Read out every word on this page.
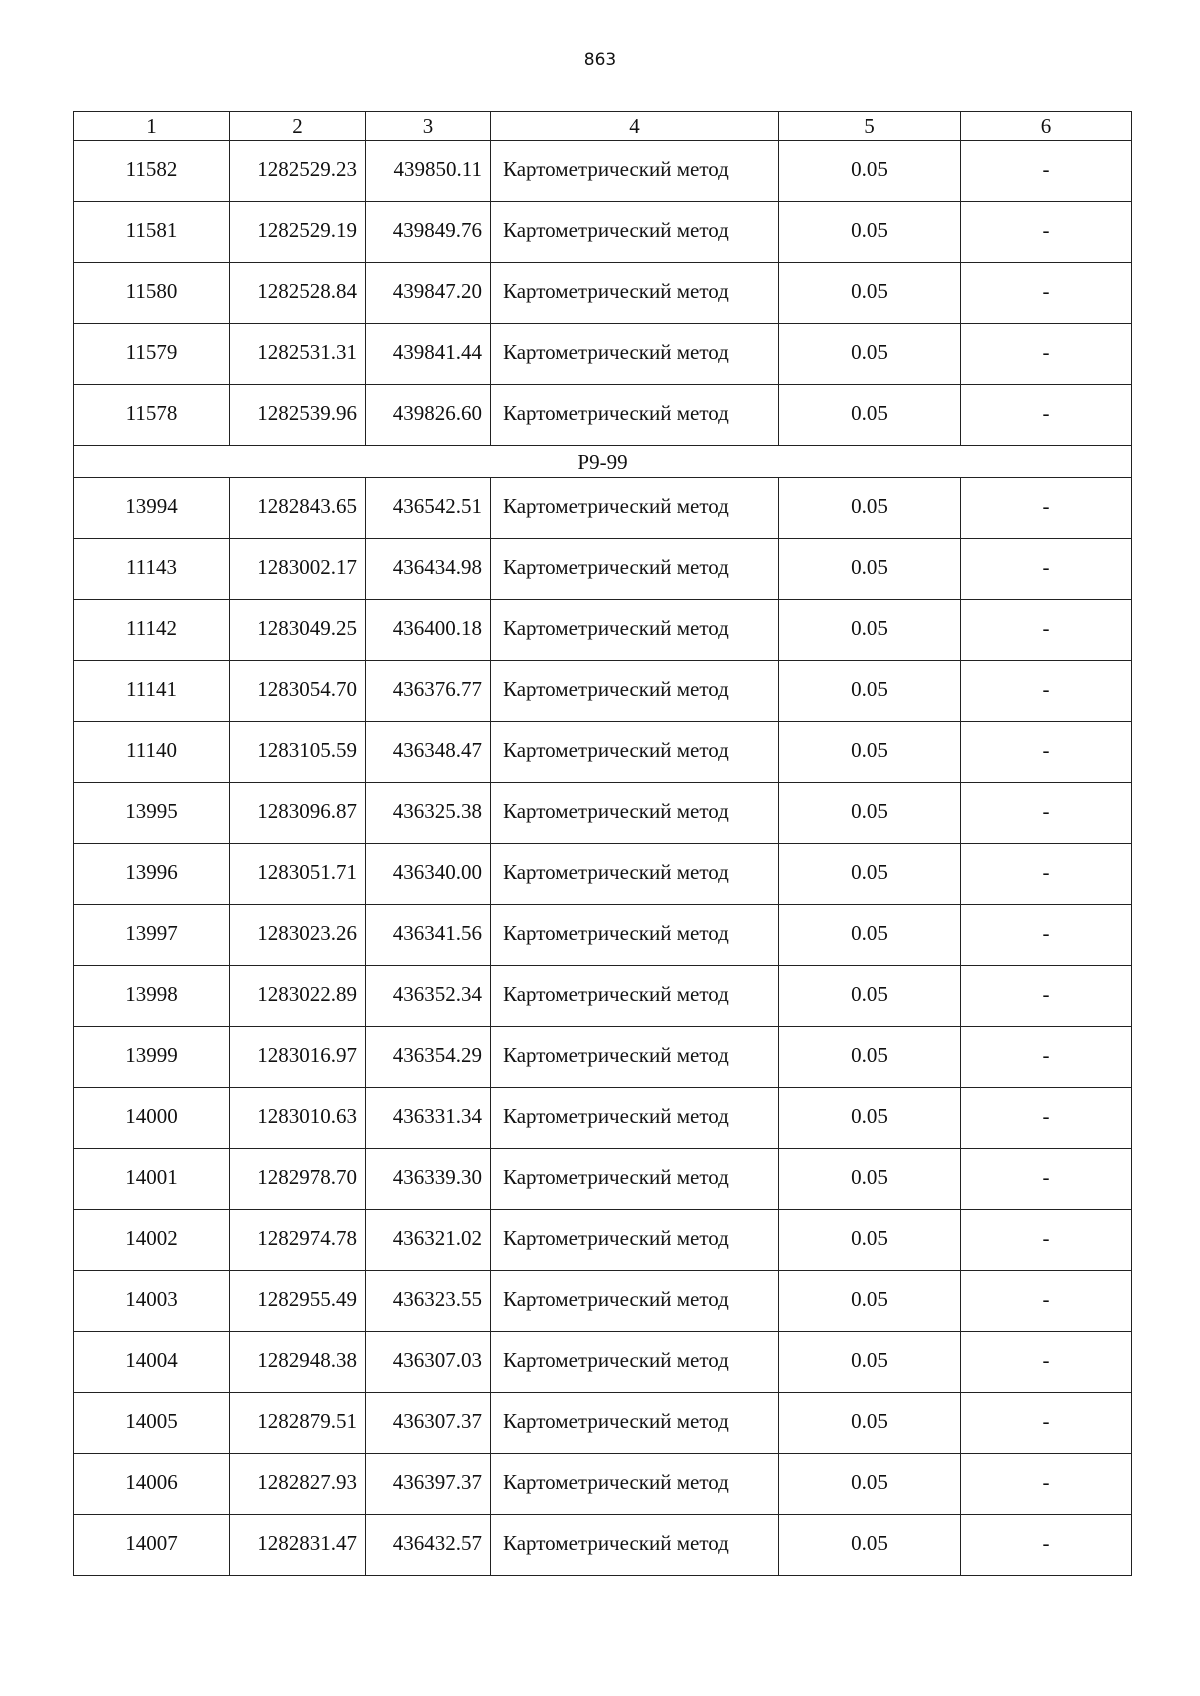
863
1	2	3	4	5	6
11582	1282529.23	439850.11	Картометрический метод	0.05	-
11581	1282529.19	439849.76	Картометрический метод	0.05	-
11580	1282528.84	439847.20	Картометрический метод	0.05	-
11579	1282531.31	439841.44	Картометрический метод	0.05	-
11578	1282539.96	439826.60	Картометрический метод	0.05	-
Р9-99					
13994	1282843.65	436542.51	Картометрический метод	0.05	-
11143	1283002.17	436434.98	Картометрический метод	0.05	-
11142	1283049.25	436400.18	Картометрический метод	0.05	-
11141	1283054.70	436376.77	Картометрический метод	0.05	-
11140	1283105.59	436348.47	Картометрический метод	0.05	-
13995	1283096.87	436325.38	Картометрический метод	0.05	-
13996	1283051.71	436340.00	Картометрический метод	0.05	-
13997	1283023.26	436341.56	Картометрический метод	0.05	-
13998	1283022.89	436352.34	Картометрический метод	0.05	-
13999	1283016.97	436354.29	Картометрический метод	0.05	-
14000	1283010.63	436331.34	Картометрический метод	0.05	-
14001	1282978.70	436339.30	Картометрический метод	0.05	-
14002	1282974.78	436321.02	Картометрический метод	0.05	-
14003	1282955.49	436323.55	Картометрический метод	0.05	-
14004	1282948.38	436307.03	Картометрический метод	0.05	-
14005	1282879.51	436307.37	Картометрический метод	0.05	-
14006	1282827.93	436397.37	Картометрический метод	0.05	-
14007	1282831.47	436432.57	Картометрический метод	0.05	-
